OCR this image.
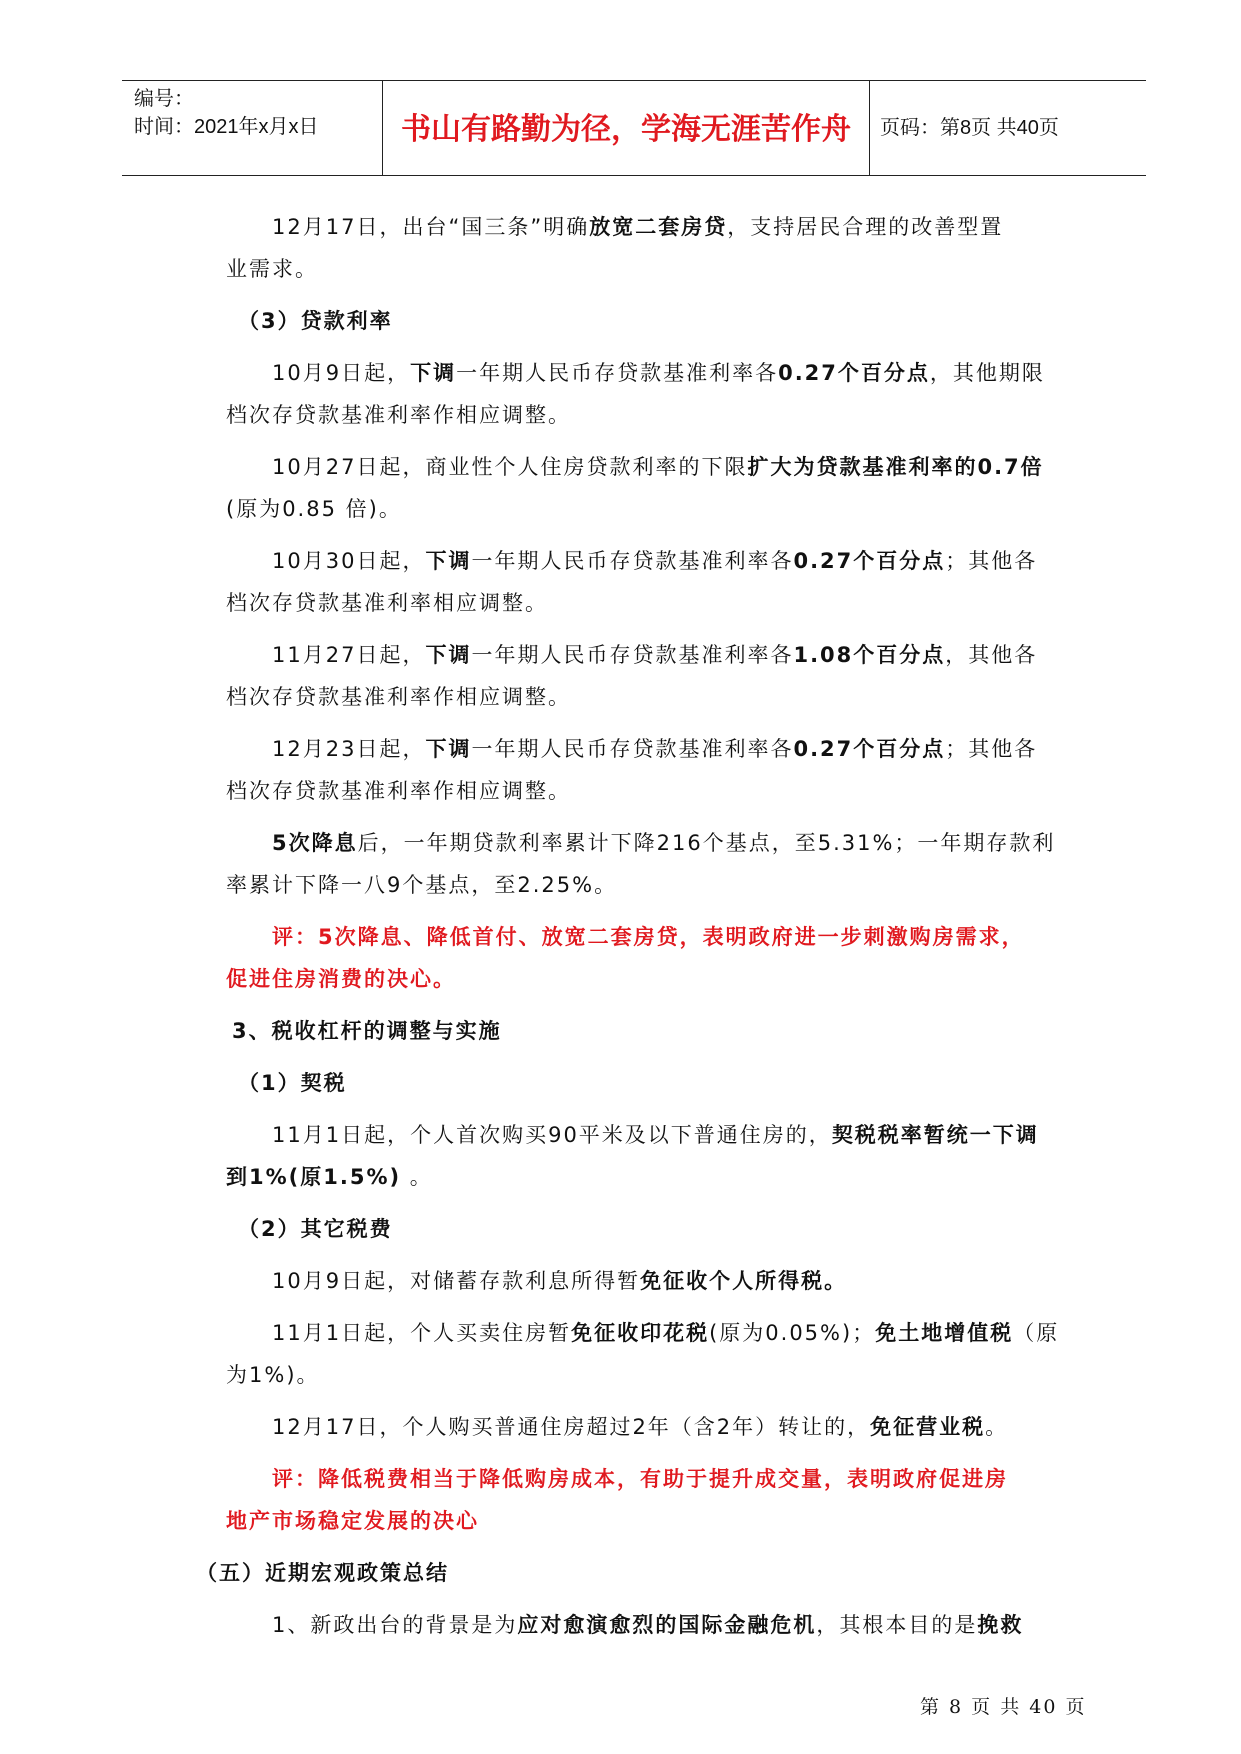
编号：
时间：2021年x月x日	书山有路勤为径，学海无涯苦作舟	页码：第8页 共40页
12月17日，出台“国三条”明确放宽二套房贷，支持居民合理的改善型置
业需求。
（3）贷款利率
10月9日起，下调一年期人民币存贷款基准利率各0.27个百分点，其他期限
档次存贷款基准利率作相应调整。
10月27日起，商业性个人住房贷款利率的下限扩大为贷款基准利率的0.7倍
(原为0.85 倍)。
10月30日起，下调一年期人民币存贷款基准利率各0.27个百分点；其他各
档次存贷款基准利率相应调整。
11月27日起，下调一年期人民币存贷款基准利率各1.08个百分点，其他各
档次存贷款基准利率作相应调整。
12月23日起，下调一年期人民币存贷款基准利率各0.27个百分点；其他各
档次存贷款基准利率作相应调整。
5次降息后，一年期贷款利率累计下降216个基点，至5.31%；一年期存款利
率累计下降一八9个基点，至2.25%。
评：5次降息、降低首付、放宽二套房贷，表明政府进一步刺激购房需求，
促进住房消费的决心。
3、税收杠杆的调整与实施
（1）契税
11月1日起，个人首次购买90平米及以下普通住房的，契税税率暂统一下调
到1%(原1.5%) 。
（2）其它税费
10月9日起，对储蓄存款利息所得暂免征收个人所得税。
11月1日起，个人买卖住房暂免征收印花税(原为0.05%)；免土地增值税（原
为1%)。
12月17日，个人购买普通住房超过2年（含2年）转让的，免征营业税。
评：降低税费相当于降低购房成本，有助于提升成交量，表明政府促进房
地产市场稳定发展的决心
（五）近期宏观政策总结
1、新政出台的背景是为应对愈演愈烈的国际金融危机，其根本目的是挽救
第 8 页 共 40 页
